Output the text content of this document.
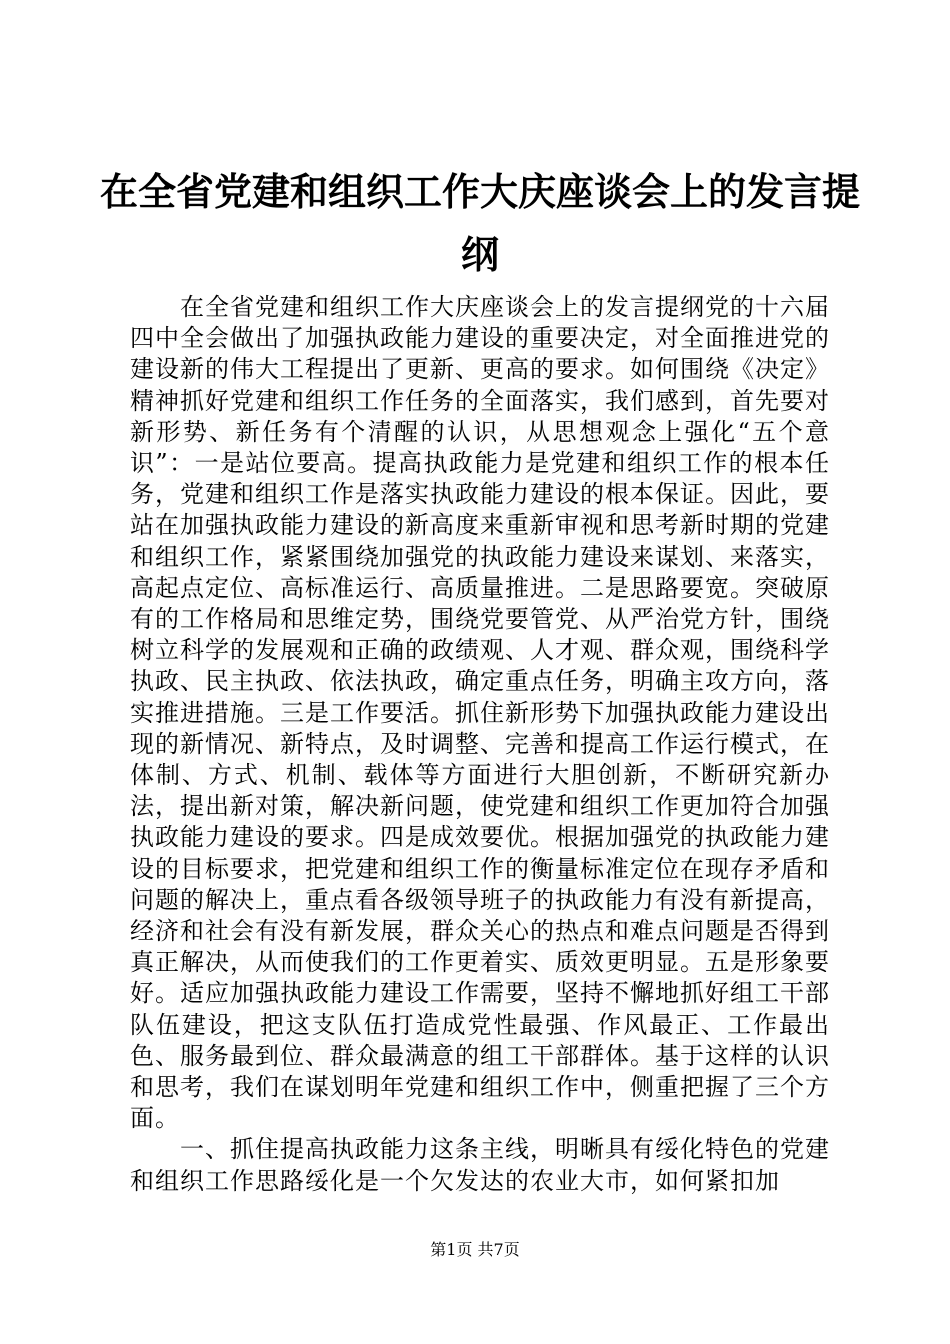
在全省党建和组织工作大庆座谈会上的发言提纲

在全省党建和组织工作大庆座谈会上的发言提纲党的十六届四中全会做出了加强执政能力建设的重要决定，对全面推进党的建设新的伟大工程提出了更新、更高的要求。如何围绕《决定》精神抓好党建和组织工作任务的全面落实，我们感到，首先要对新形势、新任务有个清醒的认识，从思想观念上强化“五个意识”：一是站位要高。提高执政能力是党建和组织工作的根本任务，党建和组织工作是落实执政能力建设的根本保证。因此，要站在加强执政能力建设的新高度来重新审视和思考新时期的党建和组织工作，紧紧围绕加强党的执政能力建设来谋划、来落实，高起点定位、高标准运行、高质量推进。二是思路要宽。突破原有的工作格局和思维定势，围绕党要管党、从严治党方针，围绕树立科学的发展观和正确的政绩观、人才观、群众观，围绕科学执政、民主执政、依法执政，确定重点任务，明确主攻方向，落实推进措施。三是工作要活。抓住新形势下加强执政能力建设出现的新情况、新特点，及时调整、完善和提高工作运行模式，在体制、方式、机制、载体等方面进行大胆创新，不断研究新办法，提出新对策，解决新问题，使党建和组织工作更加符合加强执政能力建设的要求。四是成效要优。根据加强党的执政能力建设的目标要求，把党建和组织工作的衡量标准定位在现存矛盾和问题的解决上，重点看各级领导班子的执政能力有没有新提高，经济和社会有没有新发展，群众关心的热点和难点问题是否得到真正解决，从而使我们的工作更着实、质效更明显。五是形象要好。适应加强执政能力建设工作需要，坚持不懈地抓好组工干部队伍建设，把这支队伍打造成党性最强、作风最正、工作最出色、服务最到位、群众最满意的组工干部群体。基于这样的认识和思考，我们在谋划明年党建和组织工作中，侧重把握了三个方面。

一、抓住提高执政能力这条主线，明晰具有绥化特色的党建和组织工作思路绥化是一个欠发达的农业大市，如何紧扣加

第1页 共7页
